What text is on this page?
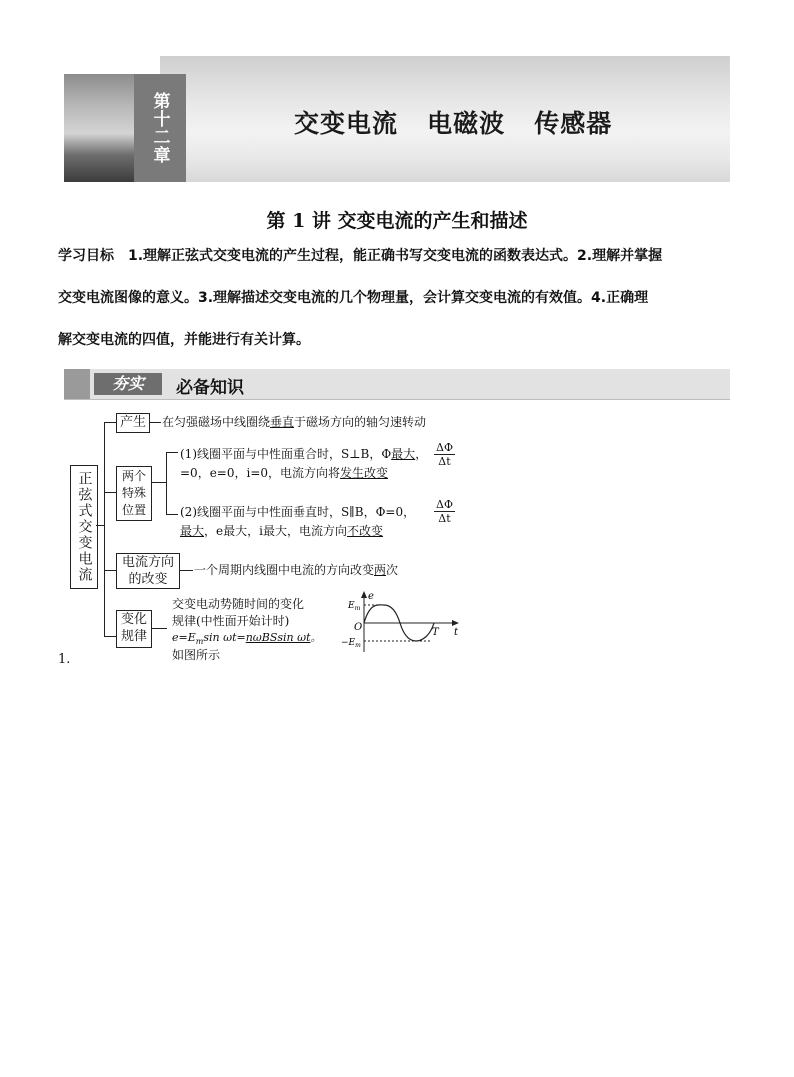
第十二章	交变电流   电磁波   传感器
第 1 讲 交变电流的产生和描述
学习目标 1.理解正弦式交变电流的产生过程，能正确书写交变电流的函数表达式。2.理解并掌握
交变电流图像的意义。3.理解描述交变电流的几个物理量，会计算交变电流的有效值。4.正确理
解交变电流的四值，并能进行有关计算。
夯实	必备知识
正弦式交变电流
产生	在匀强磁场中线圈绕垂直于磁场方向的轴匀速转动
两个特殊位置
(1)线圈平面与中性面重合时，S⊥B，Φ最大， $\frac{\Delta\Phi}{\Delta t}$
=0，e=0，i=0，电流方向将发生改变
(2)线圈平面与中性面垂直时，S∥B，Φ=0， $\frac{\Delta\Phi}{\Delta t}$
最大，e最大，i最大，电流方向不改变
电流方向的改变
一个周期内线圈中电流的方向改变两次
变化规律
交变电动势随时间的变化
规律(中性面开始计时)
$e=E_m\sin$ ωt=nωBSsin ωt。
如图所示
e
t
O
$E_m$
$-E_m$
T
1.
